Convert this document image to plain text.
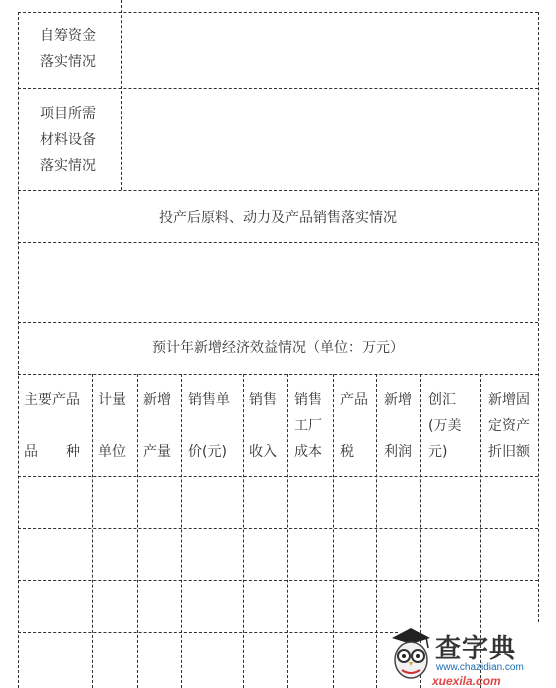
自筹资金
落实情况
项目所需
材料设备
落实情况
投产后原料、动力及产品销售落实情况
预计年新增经济效益情况（单位：万元）
主要产品
品　　种
计量
单位
新增
产量
销售单
价(元)
销售
收入
销售
工厂
成本
产品
税
新增
利润
创汇
(万美
元)
新增固
定资产
折旧额
查字典
www.chazidian.com
xuexila.com
